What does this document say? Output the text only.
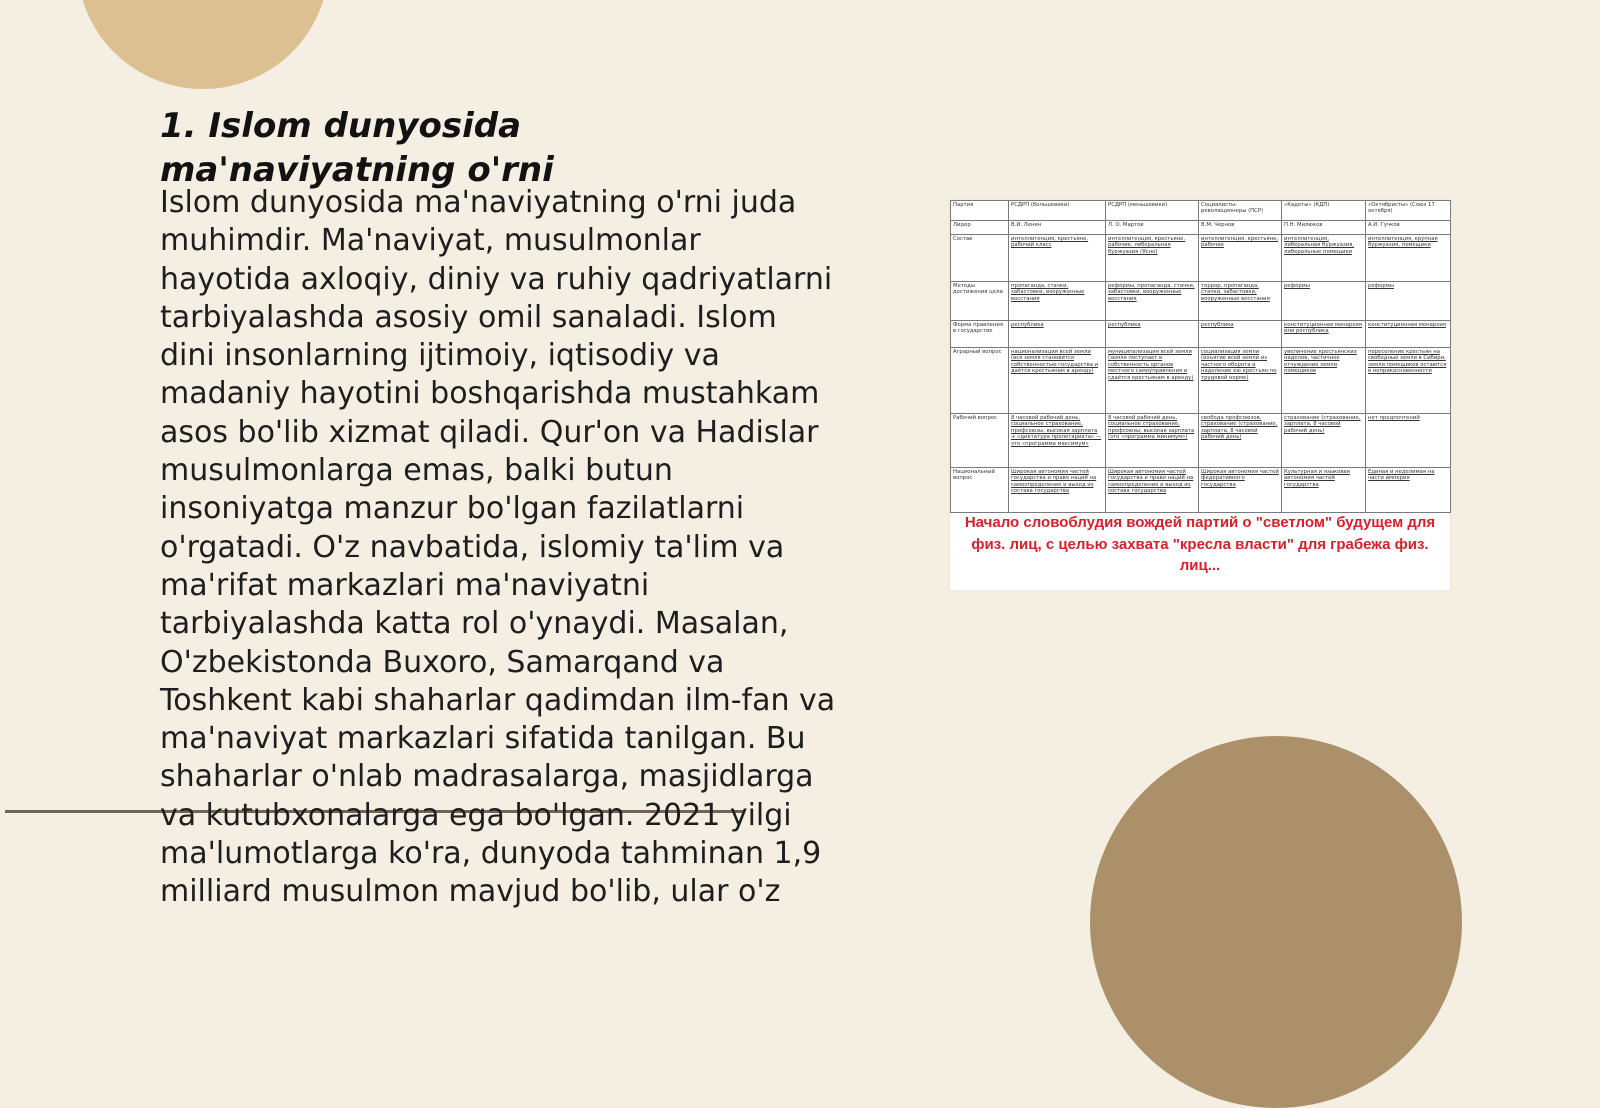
1. Islom dunyosida ma'naviyatning o'rni

Islom dunyosida ma'naviyatning o'rni juda muhimdir. Ma'naviyat, musulmonlar hayotida axloqiy, diniy va ruhiy qadriyatlarni tarbiyalashda asosiy omil sanaladi. Islom dini insonlarning ijtimoiy, iqtisodiy va madaniy hayotini boshqarishda mustahkam asos bo'lib xizmat qiladi. Qur'on va Hadislar musulmonlarga emas, balki butun insoniyatga manzur bo'lgan fazilatlarni o'rgatadi. O'z navbatida, islomiy ta'lim va ma'rifat markazlari ma'naviyatni tarbiyalashda katta rol o'ynaydi. Masalan, O'zbekistonda Buxoro, Samarqand va Toshkent kabi shaharlar qadimdan ilm-fan va ma'naviyat markazlari sifatida tanilgan. Bu shaharlar o'nlab madrasalarga, masjidlarga va kutubxonalarga ega bo'lgan. 2021 yilgi ma'lumotlarga ko'ra, dunyoda tahminan 1,9 milliard musulmon mavjud bo'lib, ular o'z

Партия	РСДРП (большевики)	РСДРП (меньшевики)	Социалисты-революционеры (ПСР)	«Кадеты» (КДП)	«Октябристы» (Союз 17 октября)
Лидер	В.И. Ленин	Л. О. Мартов	В.М. Чернов	П.Н. Милюков	А.И. Гучков
Состав	интеллигенция, крестьяне, рабочий класс	интеллигенция, крестьяне, рабочие, либеральная буржуазия (Ясно)	интеллигенция, крестьяне, рабочие	интеллигенция, либеральная буржуазия, либеральные помещики	интеллигенция, крупная буржуазия, помещики
Методы достижения цели	пропаганда, стачки, забастовки, вооруженные восстания	реформы, пропаганда, стачки, забастовки, вооруженные восстания	террор, пропаганда, стачки, забастовки, вооруженные восстания	реформы	реформы
Форма правления в государстве	республика	республика	республика	конституционная монархия или республика	конституционная монархия
Аграрный вопрос	национализация всей земли (вся земля становится собственностью государства и даётся крестьянам в аренду)	муниципализация всей земли (земля поступает в собственность органов местного самоуправления и сдаётся крестьянам в аренду)	социализация земли (изъятие всей земли из частного оборота и наделение ею крестьян по трудовой норме)	увеличение крестьянских наделов, частичное отчуждение земли помещиков	переселение крестьян на свободные земли в Сибири, земли помещиков остаются в неприкосновенности
Рабочий вопрос	8 часовой рабочий день, социальное страхование, профсоюзы, высокая зарплата + «диктатура пролетариата» — это «программа максимум»	8 часовой рабочий день, социальное страхование, профсоюзы, высокая зарплата (это «программа минимум»)	свобода профсоюзов, страхование (страхование, зарплата, 8 часовой рабочий день)	страхование (страхование, зарплата, 8 часовой рабочий день)	нет предпочтений
Национальный вопрос	Широкая автономия частей государства и право наций на самоопределение и выход из состава государства	Широкая автономия частей государства и право наций на самоопределение и выход из состава государства	Широкая автономия частей федеративного государства	Культурная и языковая автономия частей государства	Единая и неделимая на части империя

Начало словоблудия вождей партий о "светлом" будущем для физ. лиц, с целью захвата "кресла власти" для грабежа физ. лиц...
